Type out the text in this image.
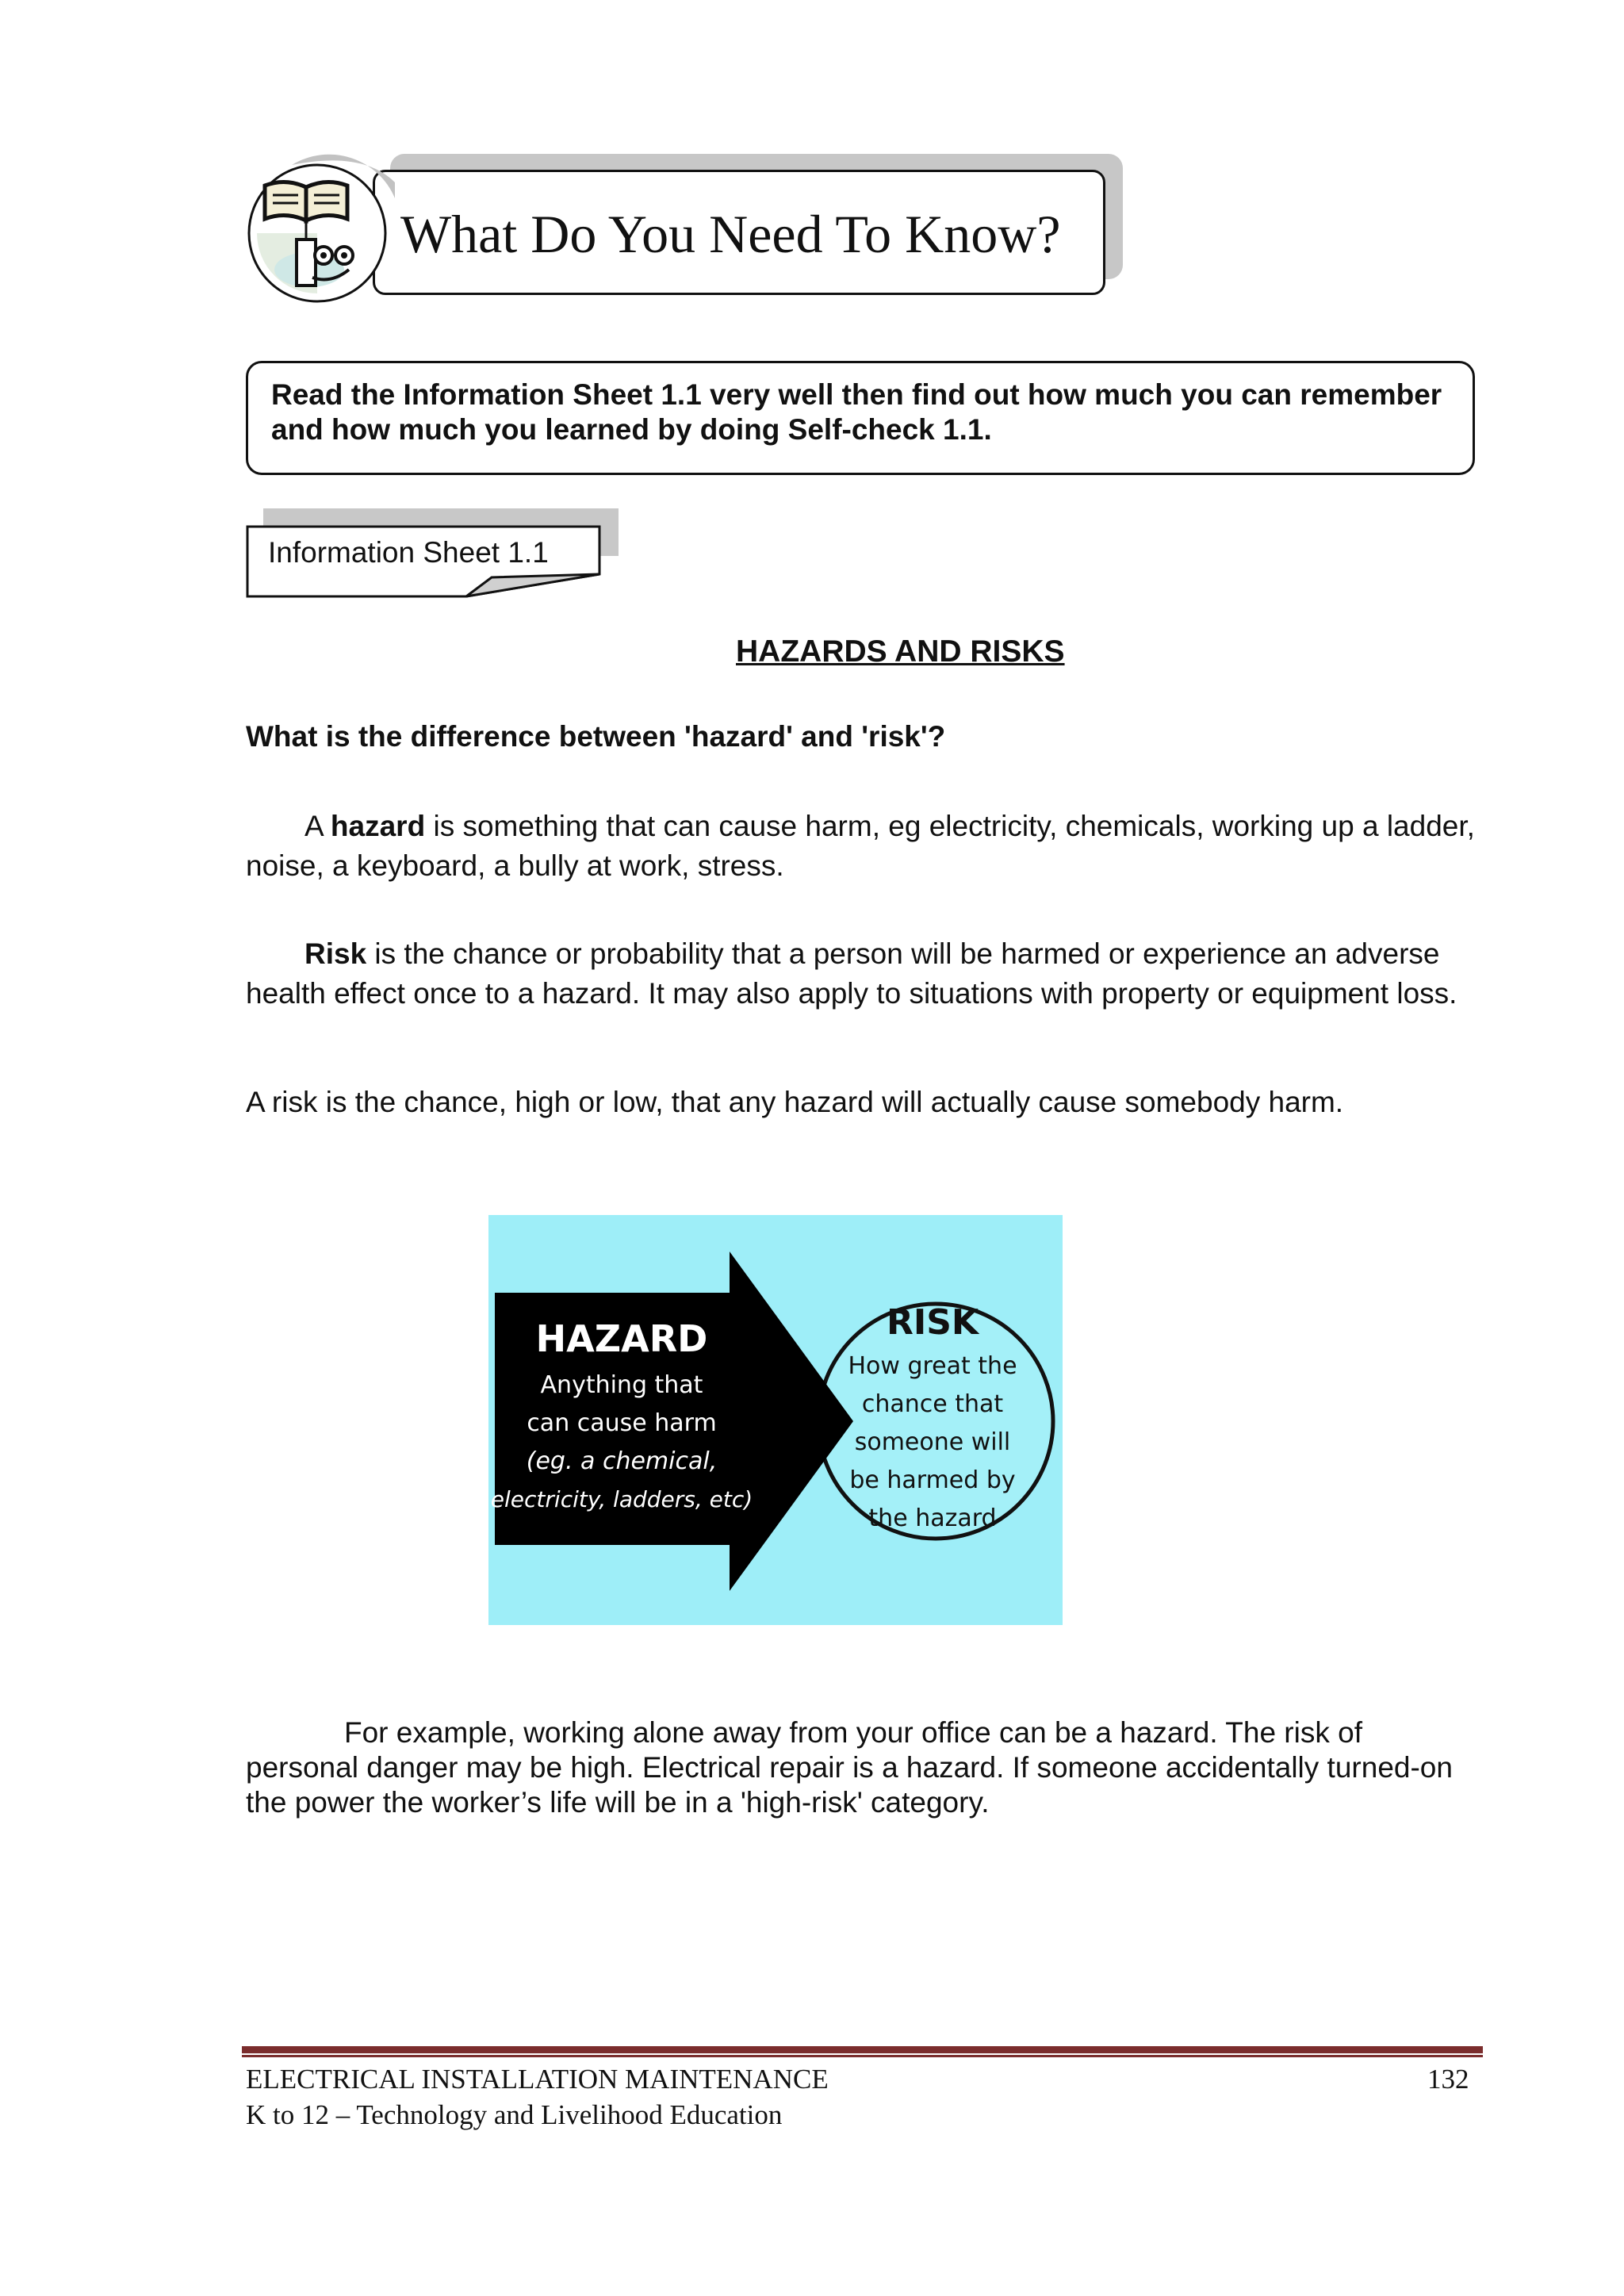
What Do You Need To Know?
Read the Information Sheet 1.1 very well then find out how much you can remember and how much you learned by doing Self-check 1.1.
Information Sheet 1.1
HAZARDS AND RISKS
What is the difference between 'hazard' and 'risk'?
A hazard is something that can cause harm, eg electricity, chemicals, working up a ladder, noise, a keyboard, a bully at work, stress.
Risk is the chance or probability that a person will be harmed or experience an adverse health effect once to a hazard. It may also apply to situations with property or equipment loss.
A risk is the chance, high or low, that any hazard will actually cause somebody harm.
HAZARD
Anything that
can cause harm
(eg. a chemical,
electricity, ladders, etc)
RISK
How great the
chance that
someone will
be harmed by
the hazard
For example, working alone away from your office can be a hazard. The risk of personal danger may be high. Electrical repair is a hazard. If someone accidentally turned-on the power the worker’s life will be in a 'high-risk' category.
ELECTRICAL INSTALLATION MAINTENANCE	132
K to 12 – Technology and Livelihood Education
